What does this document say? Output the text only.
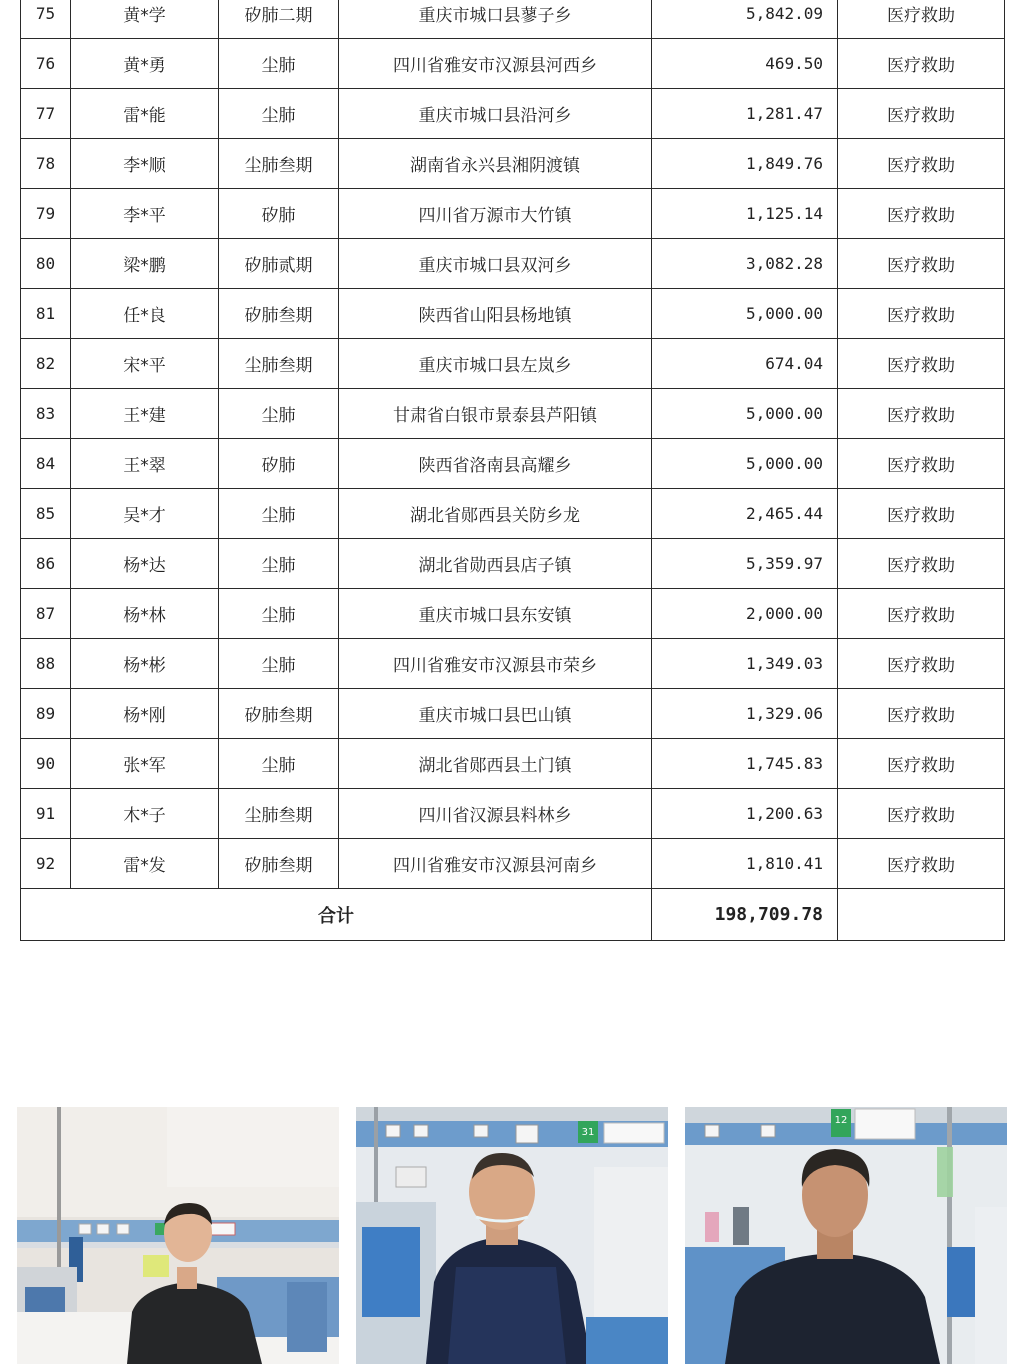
75	黄*学	矽肺二期	重庆市城口县蓼子乡	5,842.09	医疗救助
76	黄*勇	尘肺	四川省雅安市汉源县河西乡	469.50	医疗救助
77	雷*能	尘肺	重庆市城口县沿河乡	1,281.47	医疗救助
78	李*顺	尘肺叁期	湖南省永兴县湘阴渡镇	1,849.76	医疗救助
79	李*平	矽肺	四川省万源市大竹镇	1,125.14	医疗救助
80	梁*鹏	矽肺贰期	重庆市城口县双河乡	3,082.28	医疗救助
81	任*良	矽肺叁期	陕西省山阳县杨地镇	5,000.00	医疗救助
82	宋*平	尘肺叁期	重庆市城口县左岚乡	674.04	医疗救助
83	王*建	尘肺	甘肃省白银市景泰县芦阳镇	5,000.00	医疗救助
84	王*翠	矽肺	陕西省洛南县高耀乡	5,000.00	医疗救助
85	吴*才	尘肺	湖北省郧西县关防乡龙	2,465.44	医疗救助
86	杨*达	尘肺	湖北省勋西县店子镇	5,359.97	医疗救助
87	杨*林	尘肺	重庆市城口县东安镇	2,000.00	医疗救助
88	杨*彬	尘肺	四川省雅安市汉源县市荣乡	1,349.03	医疗救助
89	杨*刚	矽肺叁期	重庆市城口县巴山镇	1,329.06	医疗救助
90	张*军	尘肺	湖北省郧西县土门镇	1,745.83	医疗救助
91	木*子	尘肺叁期	四川省汉源县料林乡	1,200.63	医疗救助
92	雷*发	矽肺叁期	四川省雅安市汉源县河南乡	1,810.41	医疗救助
合计				198,709.78	
31
12
